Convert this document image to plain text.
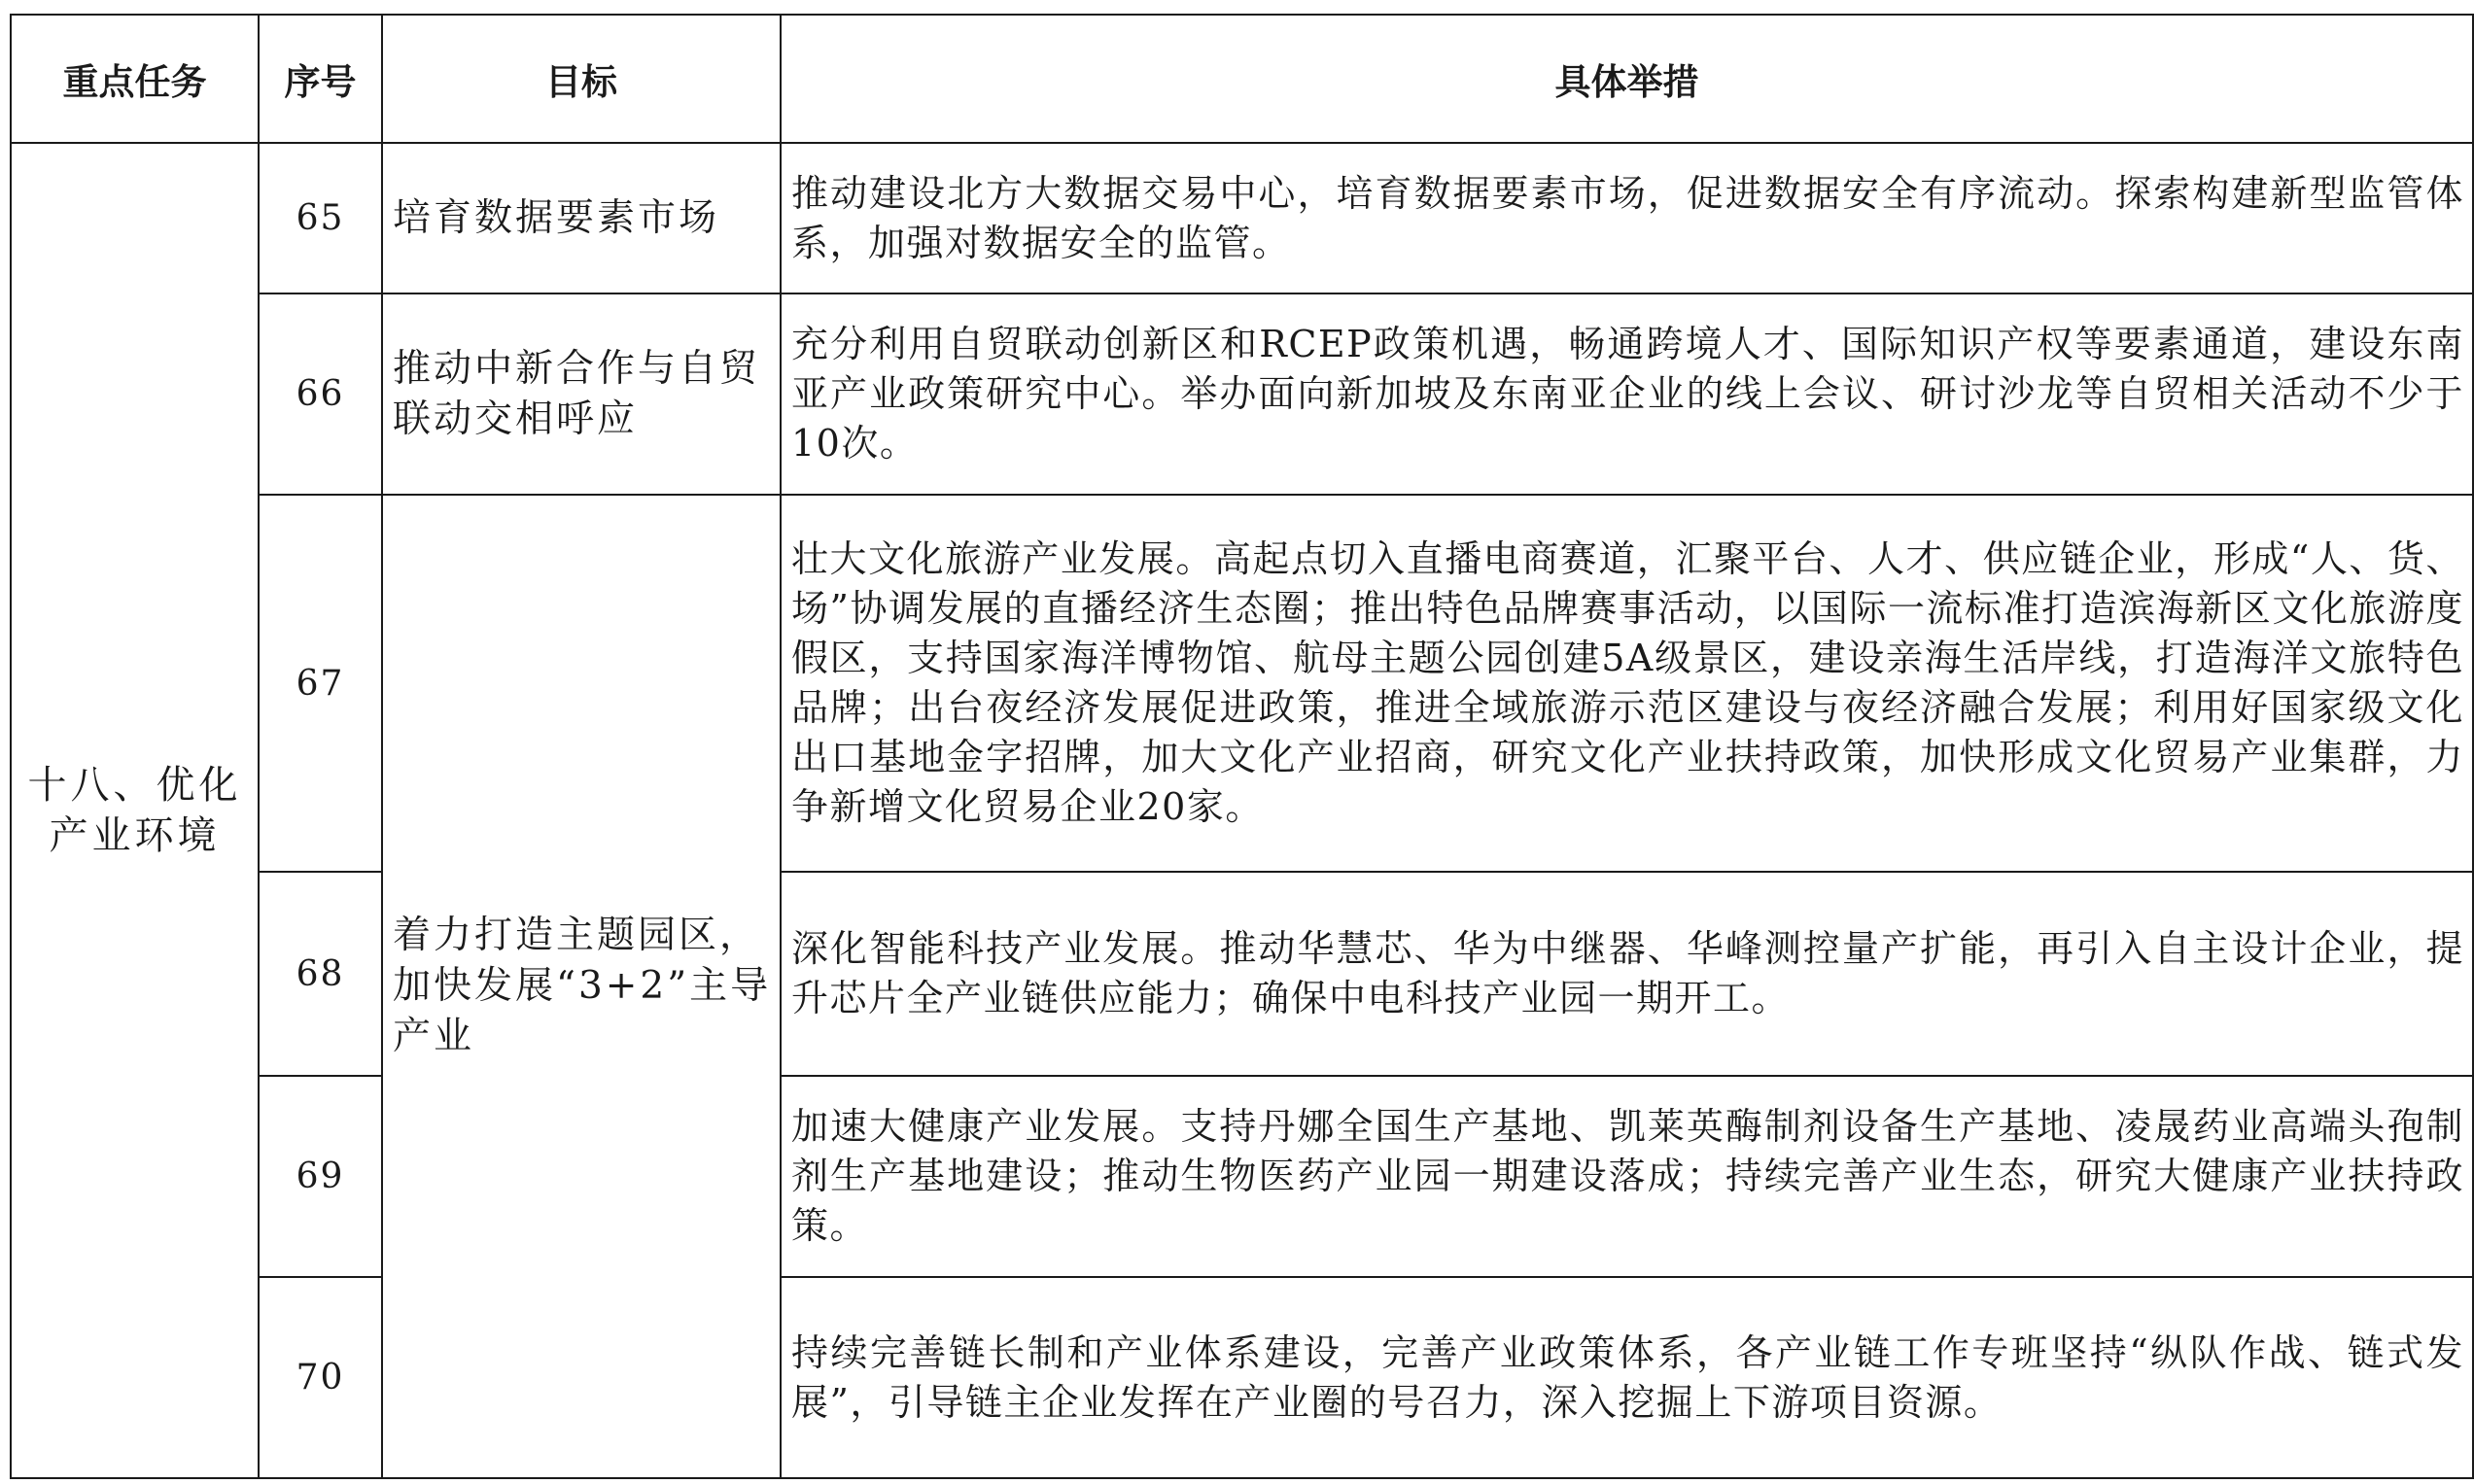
重点任务	序号	目标	具体举措

十八、优化产业环境	65	培育数据要素市场	推动建设北方大数据交易中心，培育数据要素市场，促进数据安全有序流动。探索构建新型监管体系，加强对数据安全的监管。

	66	推动中新合作与自贸联动交相呼应	充分利用自贸联动创新区和RCEP政策机遇，畅通跨境人才、国际知识产权等要素通道，建设东南亚产业政策研究中心。举办面向新加坡及东南亚企业的线上会议、研讨沙龙等自贸相关活动不少于10次。

	67	着力打造主题园区，加快发展“3+2”主导产业	壮大文化旅游产业发展。高起点切入直播电商赛道，汇聚平台、人才、供应链企业，形成“人、货、场”协调发展的直播经济生态圈；推出特色品牌赛事活动，以国际一流标准打造滨海新区文化旅游度假区，支持国家海洋博物馆、航母主题公园创建5A级景区，建设亲海生活岸线，打造海洋文旅特色品牌；出台夜经济发展促进政策，推进全域旅游示范区建设与夜经济融合发展；利用好国家级文化出口基地金字招牌，加大文化产业招商，研究文化产业扶持政策，加快形成文化贸易产业集群，力争新增文化贸易企业20家。

	68		深化智能科技产业发展。推动华慧芯、华为中继器、华峰测控量产扩能，再引入自主设计企业，提升芯片全产业链供应能力；确保中电科技产业园一期开工。

	69		加速大健康产业发展。支持丹娜全国生产基地、凯莱英酶制剂设备生产基地、凌晟药业高端头孢制剂生产基地建设；推动生物医药产业园一期建设落成；持续完善产业生态，研究大健康产业扶持政策。

	70		持续完善链长制和产业体系建设，完善产业政策体系，各产业链工作专班坚持“纵队作战、链式发展”，引导链主企业发挥在产业圈的号召力，深入挖掘上下游项目资源。
